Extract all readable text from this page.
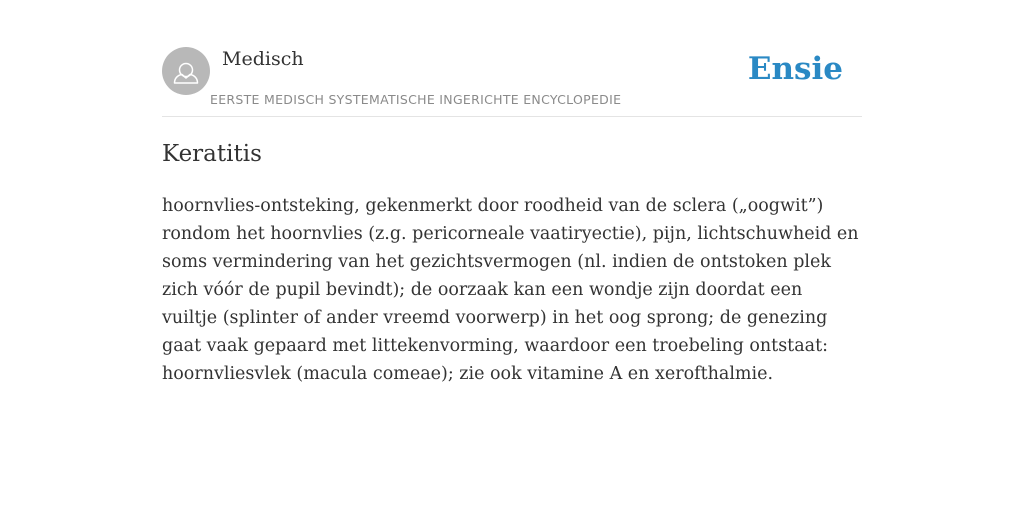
Medisch
EERSTE MEDISCH SYSTEMATISCHE INGERICHTE ENCYCLOPEDIE
Ensie
Keratitis

hoornvlies-ontsteking, gekenmerkt door roodheid van de sclera („oogwit”) rondom het hoornvlies (z.g. pericorneale vaatiryectie), pijn, lichtschuwheid en soms vermindering van het gezichtsvermogen (nl. indien de ontstoken plek zich vóór de pupil bevindt); de oorzaak kan een wondje zijn doordat een vuiltje (splinter of ander vreemd voorwerp) in het oog sprong; de genezing gaat vaak gepaard met littekenvorming, waardoor een troebeling ontstaat: hoornvliesvlek (macula comeae); zie ook vitamine A en xerofthalmie.
